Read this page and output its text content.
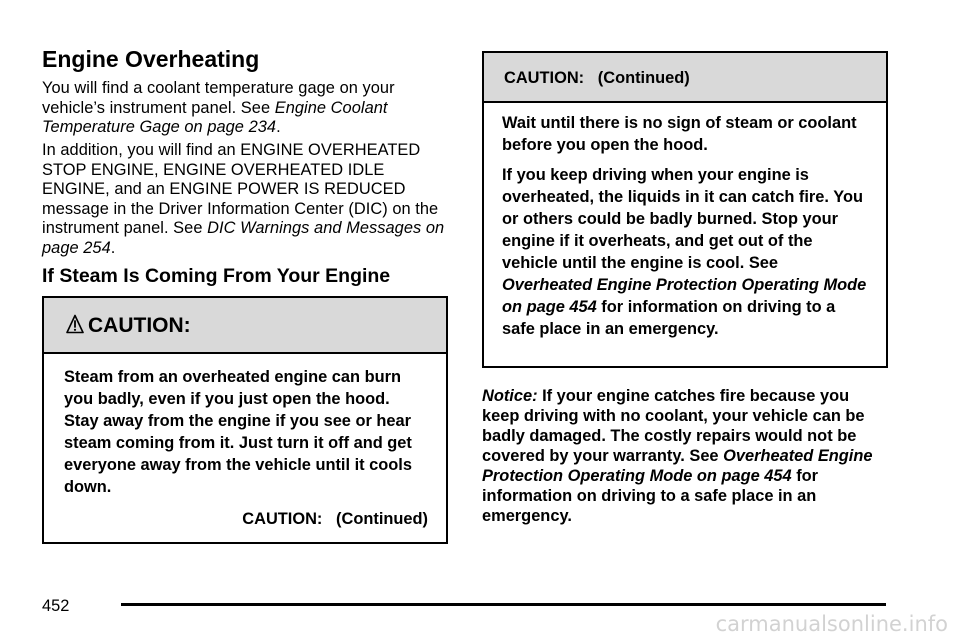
Engine Overheating

You will find a coolant temperature gage on your vehicle’s instrument panel. See Engine Coolant Temperature Gage on page 234.

In addition, you will find an ENGINE OVERHEATED STOP ENGINE, ENGINE OVERHEATED IDLE ENGINE, and an ENGINE POWER IS REDUCED message in the Driver Information Center (DIC) on the instrument panel. See DIC Warnings and Messages on page 254.

If Steam Is Coming From Your Engine
CAUTION:

Steam from an overheated engine can burn you badly, even if you just open the hood. Stay away from the engine if you see or hear steam coming from it. Just turn it off and get everyone away from the vehicle until it cools down.

CAUTION:   (Continued)

CAUTION:   (Continued)

Wait until there is no sign of steam or coolant before you open the hood.

If you keep driving when your engine is overheated, the liquids in it can catch fire. You or others could be badly burned. Stop your engine if it overheats, and get out of the vehicle until the engine is cool. See Overheated Engine Protection Operating Mode on page 454 for information on driving to a safe place in an emergency.

Notice: If your engine catches fire because you keep driving with no coolant, your vehicle can be badly damaged. The costly repairs would not be covered by your warranty. See Overheated Engine Protection Operating Mode on page 454 for information on driving to a safe place in an emergency.

452
carmanualsonline.info
